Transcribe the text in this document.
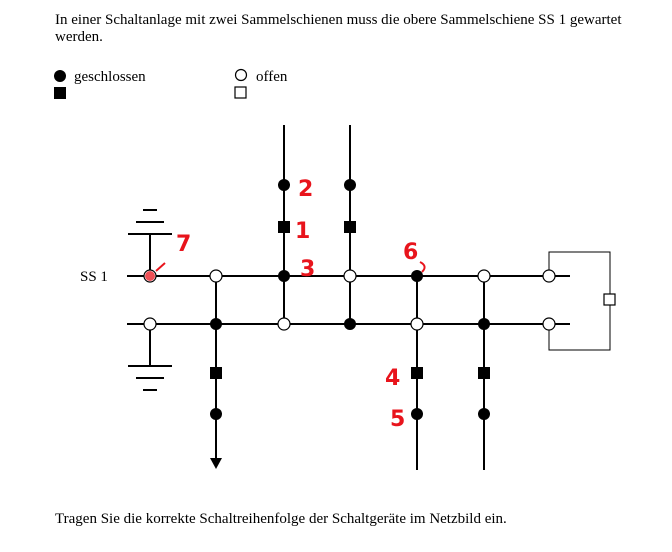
In einer Schaltanlage mit zwei Sammelschienen muss die obere Sammelschiene SS 1 gewartet werden.

SS 1
2
1
3
6
4
5
7
geschlossen	offen

Tragen Sie die korrekte Schaltreihenfolge der Schaltgeräte im Netzbild ein.
